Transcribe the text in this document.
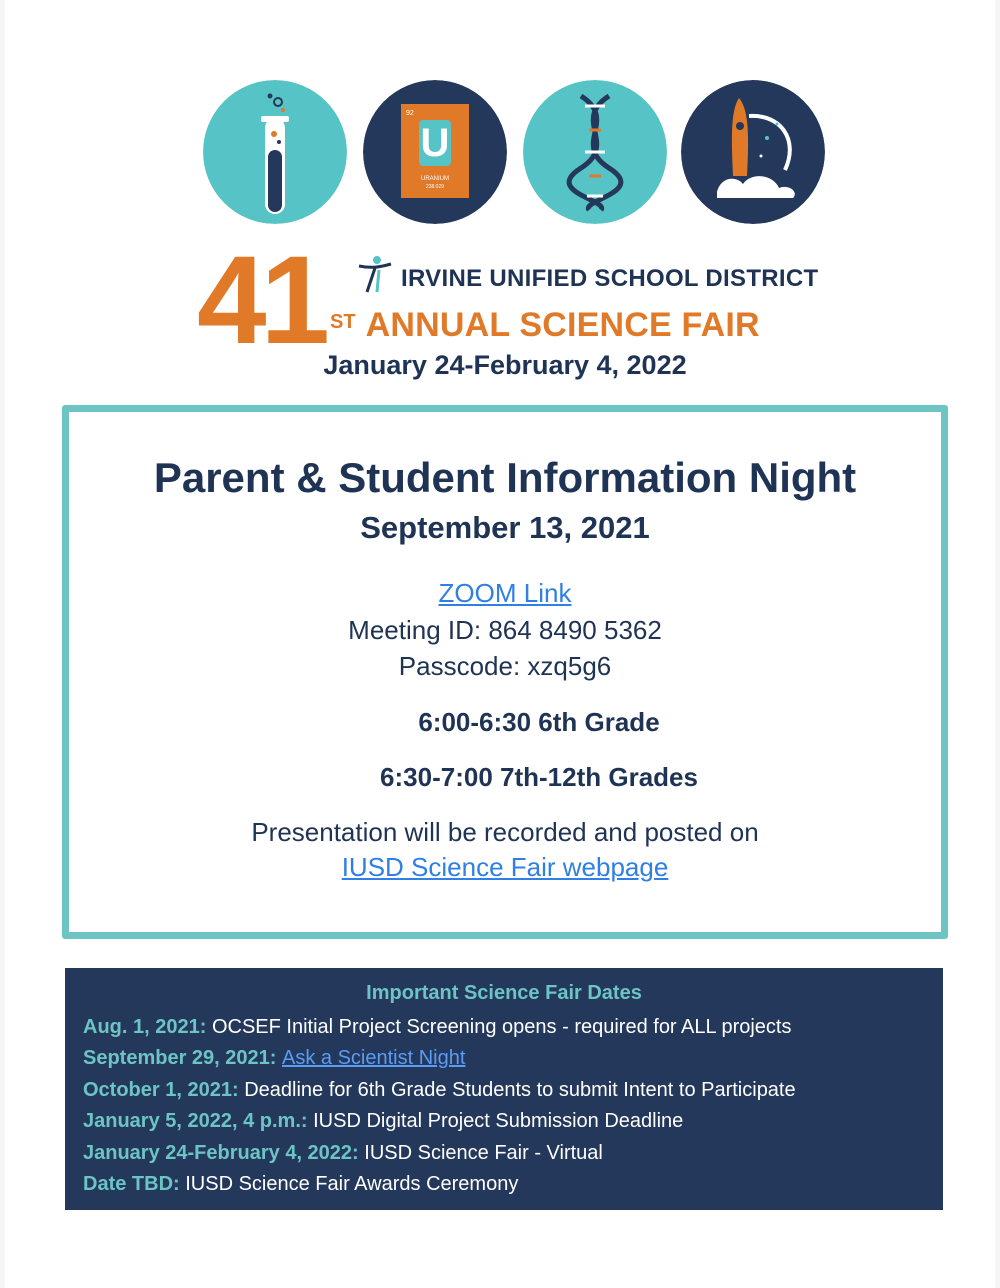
92
U
URANIUM
238.029
41	IRVINE UNIFIED SCHOOL DISTRICT
ST ANNUAL SCIENCE FAIR
January 24-February 4, 2022
Parent & Student Information Night
September 13, 2021
ZOOM Link
Meeting ID: 864 8490 5362
Passcode: xzq5g6
6:00-6:30 6th Grade
6:30-7:00 7th-12th Grades
Presentation will be recorded and posted on
IUSD Science Fair webpage
Important Science Fair Dates
Aug. 1, 2021: OCSEF Initial Project Screening opens - required for ALL projects
September 29, 2021: Ask a Scientist Night
October 1, 2021: Deadline for 6th Grade Students to submit Intent to Participate
January 5, 2022, 4 p.m.: IUSD Digital Project Submission Deadline
January 24-February 4, 2022: IUSD Science Fair - Virtual
Date TBD: IUSD Science Fair Awards Ceremony
